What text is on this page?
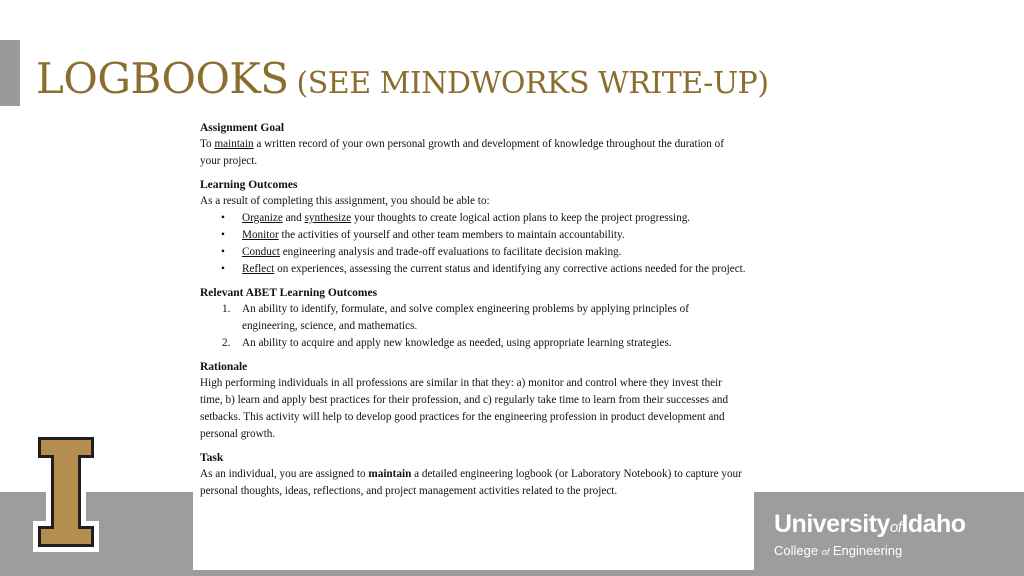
LOGBOOKS (SEE MINDWORKS WRITE-UP)
UniversityofIdaho
College of Engineering
Assignment Goal

To maintain a written record of your own personal growth and development of knowledge throughout the duration of your project.

Learning Outcomes

As a result of completing this assignment, you should be able to:

• Organize and synthesize your thoughts to create logical action plans to keep the project progressing.
• Monitor the activities of yourself and other team members to maintain accountability.
• Conduct engineering analysis and trade-off evaluations to facilitate decision making.
• Reflect on experiences, assessing the current status and identifying any corrective actions needed for the project.
Relevant ABET Learning Outcomes
1. An ability to identify, formulate, and solve complex engineering problems by applying principles of engineering, science, and mathematics.
2. An ability to acquire and apply new knowledge as needed, using appropriate learning strategies.
Rationale

High performing individuals in all professions are similar in that they: a) monitor and control where they invest their time, b) learn and apply best practices for their profession, and c) regularly take time to learn from their successes and setbacks. This activity will help to develop good practices for the engineering profession in product development and personal growth.

Task

As an individual, you are assigned to maintain a detailed engineering logbook (or Laboratory Notebook) to capture your personal thoughts, ideas, reflections, and project management activities related to the project.
